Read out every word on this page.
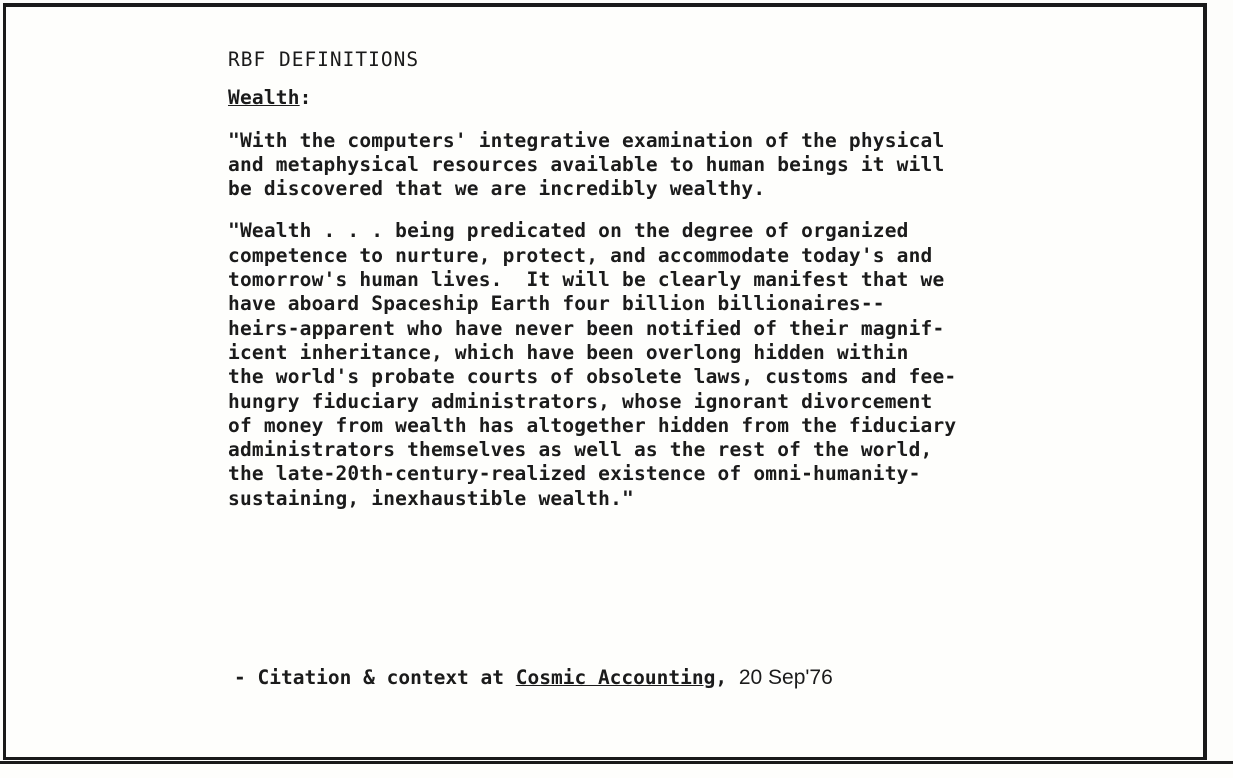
RBF DEFINITIONS
Wealth:
"With the computers' integrative examination of the physical
and metaphysical resources available to human beings it will
be discovered that we are incredibly wealthy.
"Wealth . . . being predicated on the degree of organized
competence to nurture, protect, and accommodate today's and
tomorrow's human lives.  It will be clearly manifest that we
have aboard Spaceship Earth four billion billionaires--
heirs-apparent who have never been notified of their magnif-
icent inheritance, which have been overlong hidden within
the world's probate courts of obsolete laws, customs and fee-
hungry fiduciary administrators, whose ignorant divorcement
of money from wealth has altogether hidden from the fiduciary
administrators themselves as well as the rest of the world,
the late-20th-century-realized existence of omni-humanity-
sustaining, inexhaustible wealth."
- Citation & context at Cosmic Accounting, 20 Sep'76
